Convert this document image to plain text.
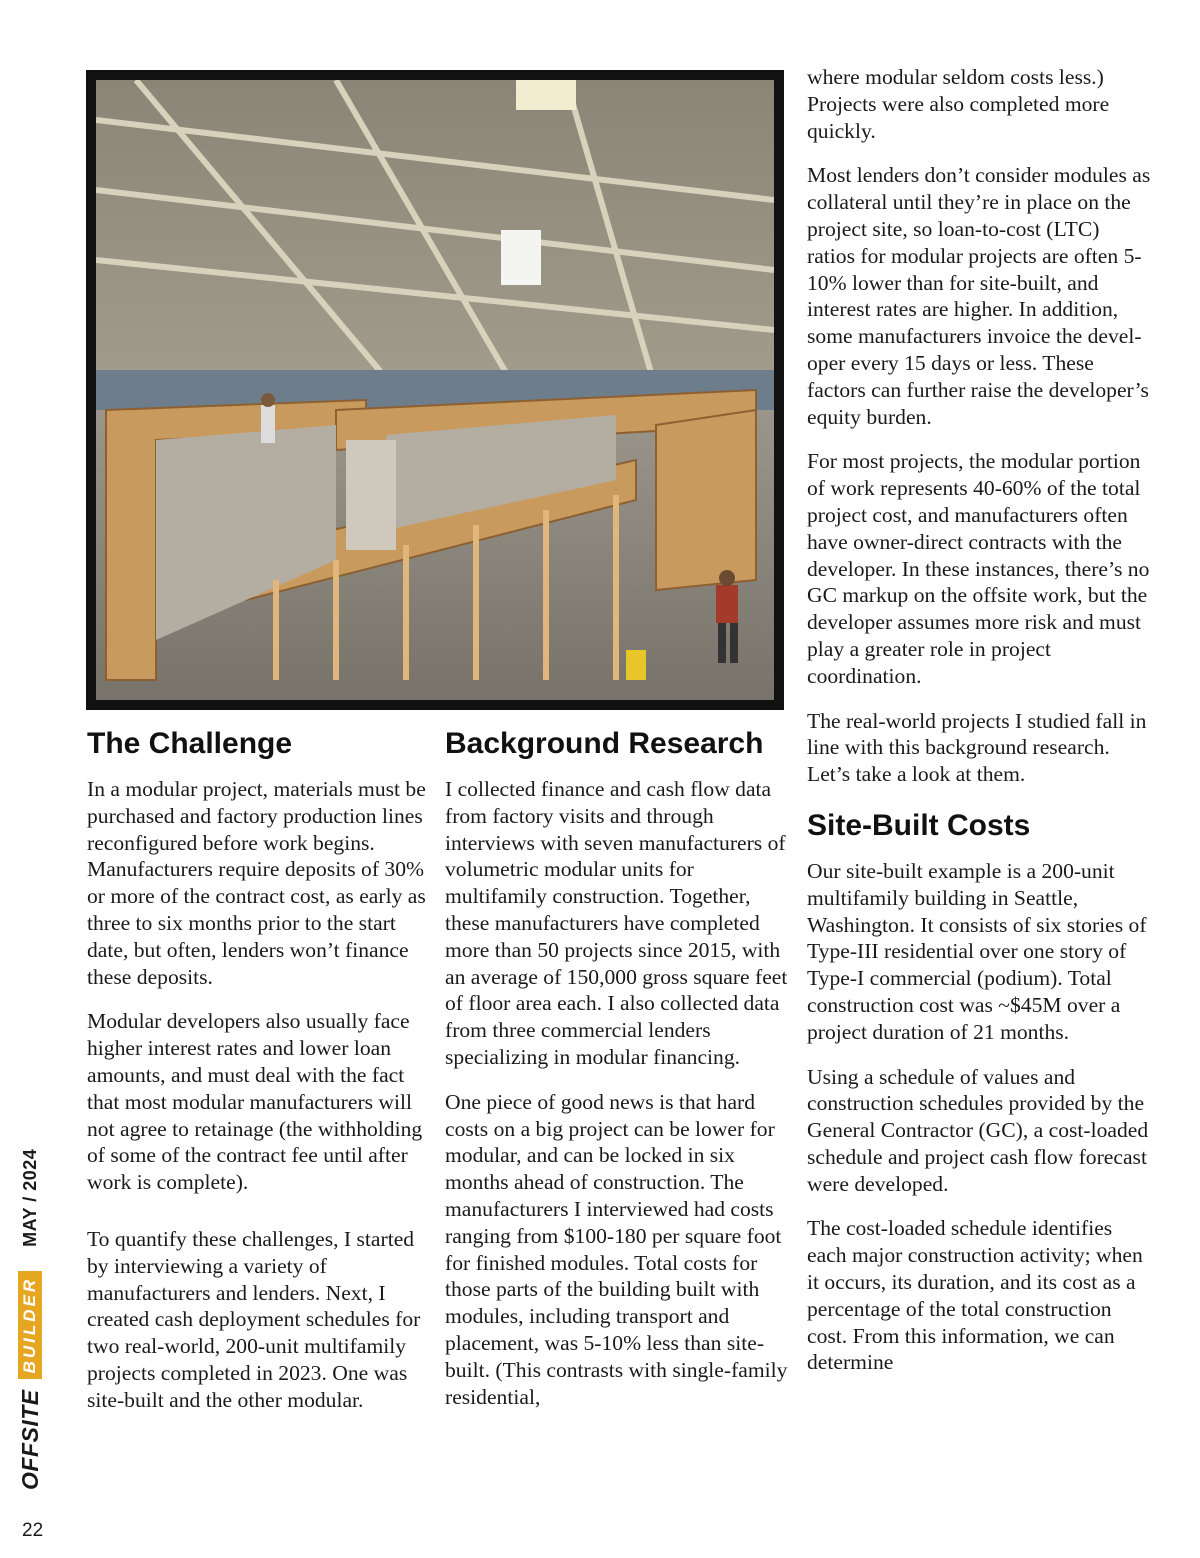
The Challenge

In a modular project, materials must be purchased and factory production lines reconfigured before work begins. Manufacturers require deposits of 30% or more of the contract cost, as early as three to six months prior to the start date, but often, lenders won’t finance these deposits.

Modular developers also usually face higher interest rates and lower loan amounts, and must deal with the fact that most modular manufacturers will not agree to retainage (the withholding of some of the contract fee until after work is complete).

To quantify these challenges, I started by interviewing a variety of manufacturers and lenders. Next, I created cash deployment schedules for two real-world, 200-unit multifamily projects completed in 2023. One was site-built and the other modular.

Background Research

I collected finance and cash flow data from factory visits and through interviews with seven manufacturers of volumetric modular units for multifamily construction. Together, these manufacturers have completed more than 50 projects since 2015, with an average of 150,000 gross square feet of floor area each. I also collected data from three commercial lenders specializing in modular financing.

One piece of good news is that hard costs on a big project can be lower for modular, and can be locked in six months ahead of construction. The manufacturers I interviewed had costs ranging from $100-180 per square foot for finished modules. Total costs for those parts of the building built with modules, including transport and placement, was 5-10% less than site-built. (This contrasts with single-family residential,

where modular seldom costs less.) Projects were also completed more quickly.

Most lenders don’t consider modules as collateral until they’re in place on the project site, so loan-to-cost (LTC) ratios for modular projects are often 5-10% lower than for site-built, and interest rates are higher. In addition, some manufacturers invoice the developer every 15 days or less. These factors can further raise the developer’s equity burden.

For most projects, the modular portion of work represents 40-60% of the total project cost, and manufacturers often have owner-direct contracts with the developer. In these instances, there’s no GC markup on the offsite work, but the developer assumes more risk and must play a greater role in project coordination.

The real-world projects I studied fall in line with this background research. Let’s take a look at them.

Site-Built Costs

Our site-built example is a 200-unit multifamily building in Seattle, Washington. It consists of six stories of Type-III residential over one story of Type-I commercial (podium). Total construction cost was ~$45M over a project duration of 21 months.

Using a schedule of values and construction schedules provided by the General Contractor (GC), a cost-loaded schedule and project cash flow forecast were developed.

The cost-loaded schedule identifies each major construction activity; when it occurs, its duration, and its cost as a percentage of the total construction cost. From this information, we can determine

OFFSITE
BUILDER
MAY / 2024
22
